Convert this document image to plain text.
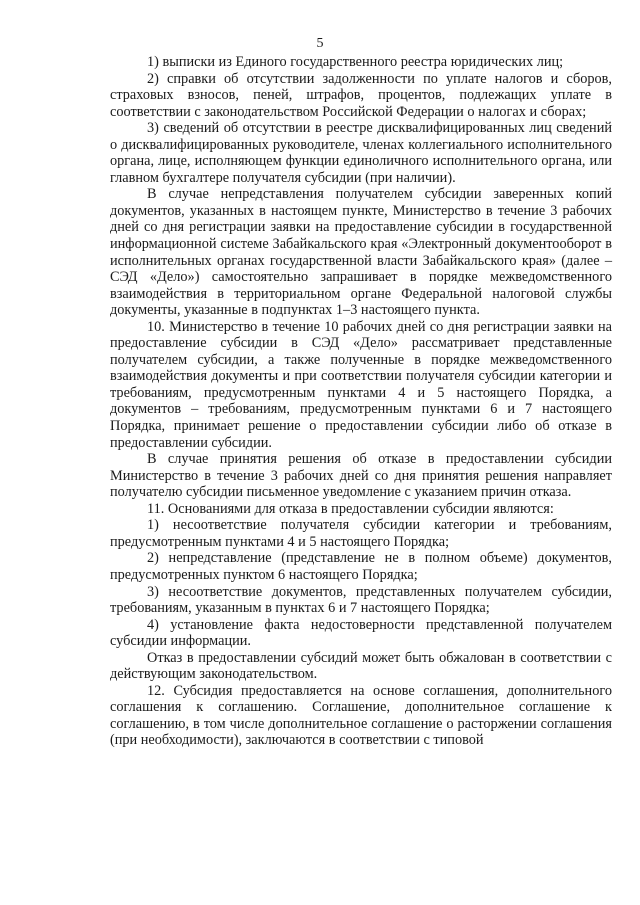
5

1) выписки из Единого государственного реестра юридических лиц;

2) справки об отсутствии задолженности по уплате налогов и сборов, страховых взносов, пеней, штрафов, процентов, подлежащих уплате в соответствии с законодательством Российской Федерации о налогах и сборах;

3) сведений об отсутствии в реестре дисквалифицированных лиц сведений о дисквалифицированных руководителе, членах коллегиального исполнительного органа, лице, исполняющем функции единоличного исполнительного органа, или главном бухгалтере получателя субсидии (при наличии).

В случае непредставления получателем субсидии заверенных копий документов, указанных в настоящем пункте, Министерство в течение 3 рабочих дней со дня регистрации заявки на предоставление субсидии в государственной информационной системе Забайкальского края «Электронный документооборот в исполнительных органах государственной власти Забайкальского края» (далее – СЭД «Дело») самостоятельно запрашивает в порядке межведомственного взаимодействия в территориальном органе Федеральной налоговой службы документы, указанные в подпунктах 1–3 настоящего пункта.

10. Министерство в течение 10 рабочих дней со дня регистрации заявки на предоставление субсидии в СЭД «Дело» рассматривает представленные получателем субсидии, а также полученные в порядке межведомственного взаимодействия документы и при соответствии получателя субсидии категории и требованиям, предусмотренным пунктами 4 и 5 настоящего Порядка, а документов – требованиям, предусмотренным пунктами 6 и 7 настоящего Порядка, принимает решение о предоставлении субсидии либо об отказе в предоставлении субсидии.

В случае принятия решения об отказе в предоставлении субсидии Министерство в течение 3 рабочих дней со дня принятия решения направляет получателю субсидии письменное уведомление с указанием причин отказа.

11. Основаниями для отказа в предоставлении субсидии являются:

1) несоответствие получателя субсидии категории и требованиям, предусмотренным пунктами 4 и 5 настоящего Порядка;

2) непредставление (представление не в полном объеме) документов, предусмотренных пунктом 6 настоящего Порядка;

3) несоответствие документов, представленных получателем субсидии, требованиям, указанным в пунктах 6 и 7 настоящего Порядка;

4) установление факта недостоверности представленной получателем субсидии информации.

Отказ в предоставлении субсидий может быть обжалован в соответствии с действующим законодательством.

12. Субсидия предоставляется на основе соглашения, дополнительного соглашения к соглашению. Соглашение, дополнительное соглашение к соглашению, в том числе дополнительное соглашение о расторжении соглашения (при необходимости), заключаются в соответствии с типовой
